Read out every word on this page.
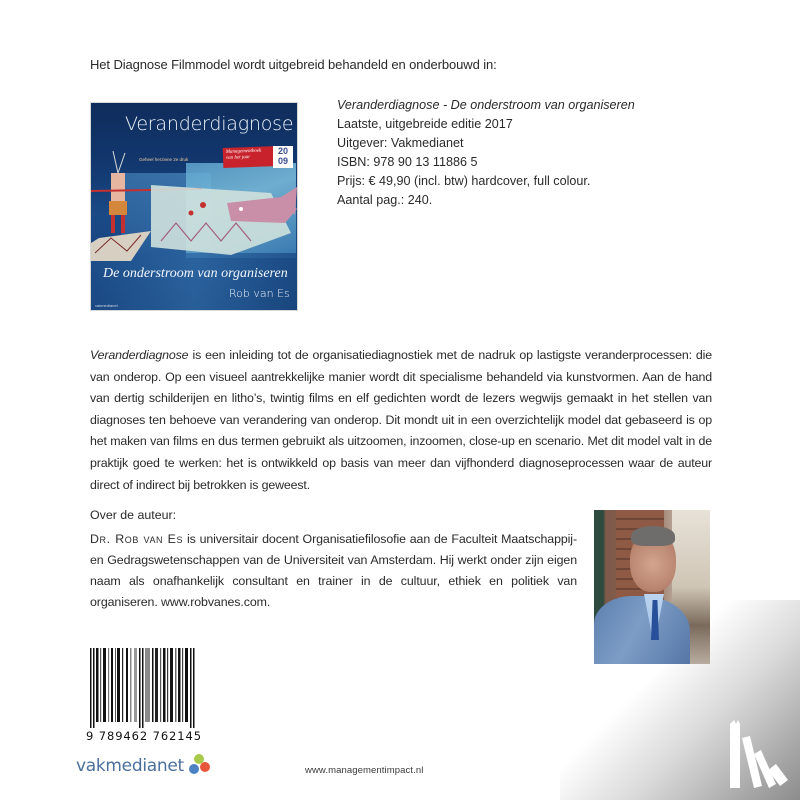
Het Diagnose Filmmodel wordt uitgebreid behandeld en onderbouwd in:
Veranderdiagnose
Geheel herziene 2e druk
Managementboek
van het jaar
20
09
De onderstroom van organiseren
Rob van Es
vakmedianet
Veranderdiagnose - De onderstroom van organiseren
Laatste, uitgebreide editie 2017
Uitgever: Vakmedianet
ISBN: 978 90 13 11886 5
Prijs: € 49,90 (incl. btw) hardcover, full colour.
Aantal pag.: 240.

Veranderdiagnose is een inleiding tot de organisatiediagnostiek met de nadruk op lastigste veranderprocessen: die van onderop. Op een visueel aantrekkelijke manier wordt dit specialisme behandeld via kunstvormen. Aan de hand van dertig schilderijen en litho’s, twintig films en elf gedichten wordt de lezers wegwijs gemaakt in het stellen van diagnoses ten behoeve van verandering van onderop. Dit mondt uit in een overzichtelijk model dat gebaseerd is op het maken van films en dus termen gebruikt als uitzoomen, inzoomen, close-up en scenario. Met dit model valt in de praktijk goed te werken: het is ontwikkeld op basis van meer dan vijfhonderd diagnoseprocessen waar de auteur direct of indirect bij betrokken is geweest.

Over de auteur:

Dr. Rob van Es is universitair docent Organisatiefilosofie aan de Faculteit Maatschappij- en Gedragswetenschappen van de Universiteit van Amsterdam. Hij werkt onder zijn eigen naam als onafhankelijk consultant en trainer in de cultuur, ethiek en politiek van organiseren. www.robvanes.com.

9 789462 762145
vakmedianet	www.managementimpact.nl
